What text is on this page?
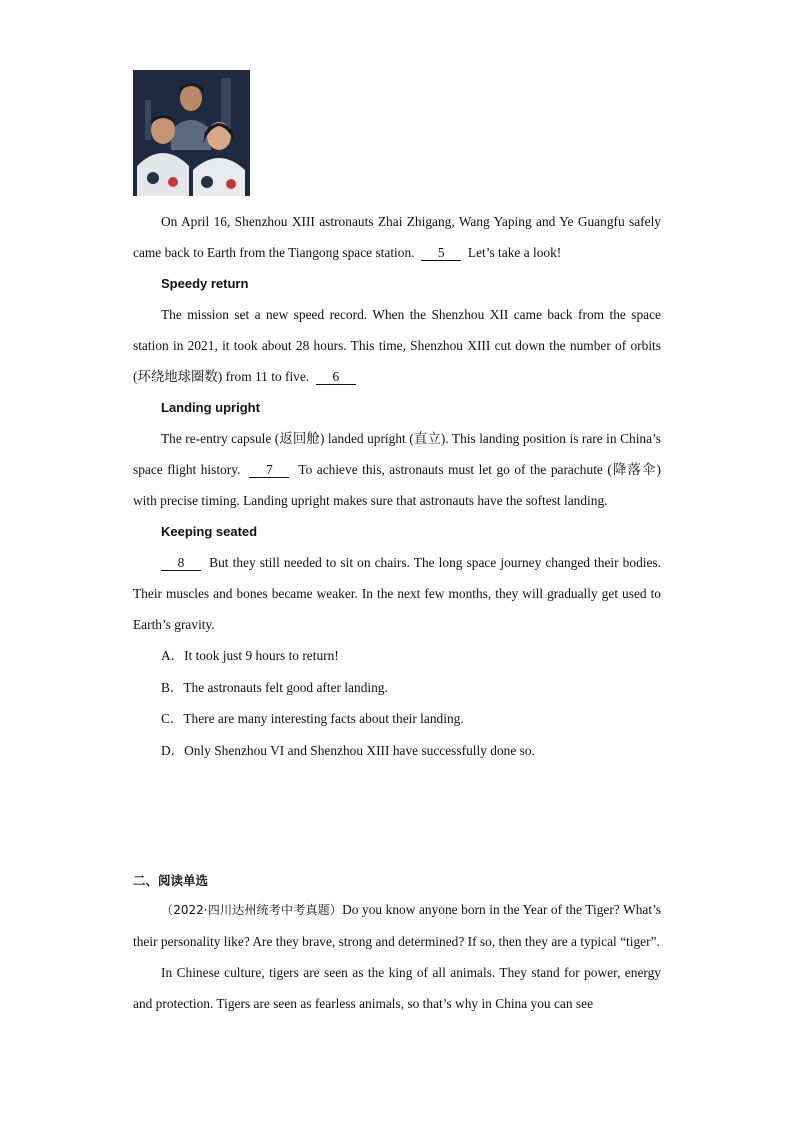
On April 16, Shenzhou XIII astronauts Zhai Zhigang, Wang Yaping and Ye Guangfu safely came back to Earth from the Tiangong space station. 5 Let’s take a look!

Speedy return

The mission set a new speed record. When the Shenzhou XII came back from the space station in 2021, it took about 28 hours. This time, Shenzhou XIII cut down the number of orbits (环绕地球圈数) from 11 to five. 6

Landing upright

The re-entry capsule (返回舱) landed upright (直立). This landing position is rare in China’s space flight history. 7 To achieve this, astronauts must let go of the parachute (降落伞) with precise timing. Landing upright makes sure that astronauts have the softest landing.

Keeping seated

8 But they still needed to sit on chairs. The long space journey changed their bodies. Their muscles and bones became weaker. In the next few months, they will gradually get used to Earth’s gravity.

A．It took just 9 hours to return!

B．The astronauts felt good after landing.

C．There are many interesting facts about their landing.

D．Only Shenzhou VI and Shenzhou XIII have successfully done so.

二、阅读单选

（2022·四川达州统考中考真题）Do you know anyone born in the Year of the Tiger? What’s their personality like? Are they brave, strong and determined? If so, then they are a typical “tiger”.

In Chinese culture, tigers are seen as the king of all animals. They stand for power, energy and protection. Tigers are seen as fearless animals, so that’s why in China you can see
